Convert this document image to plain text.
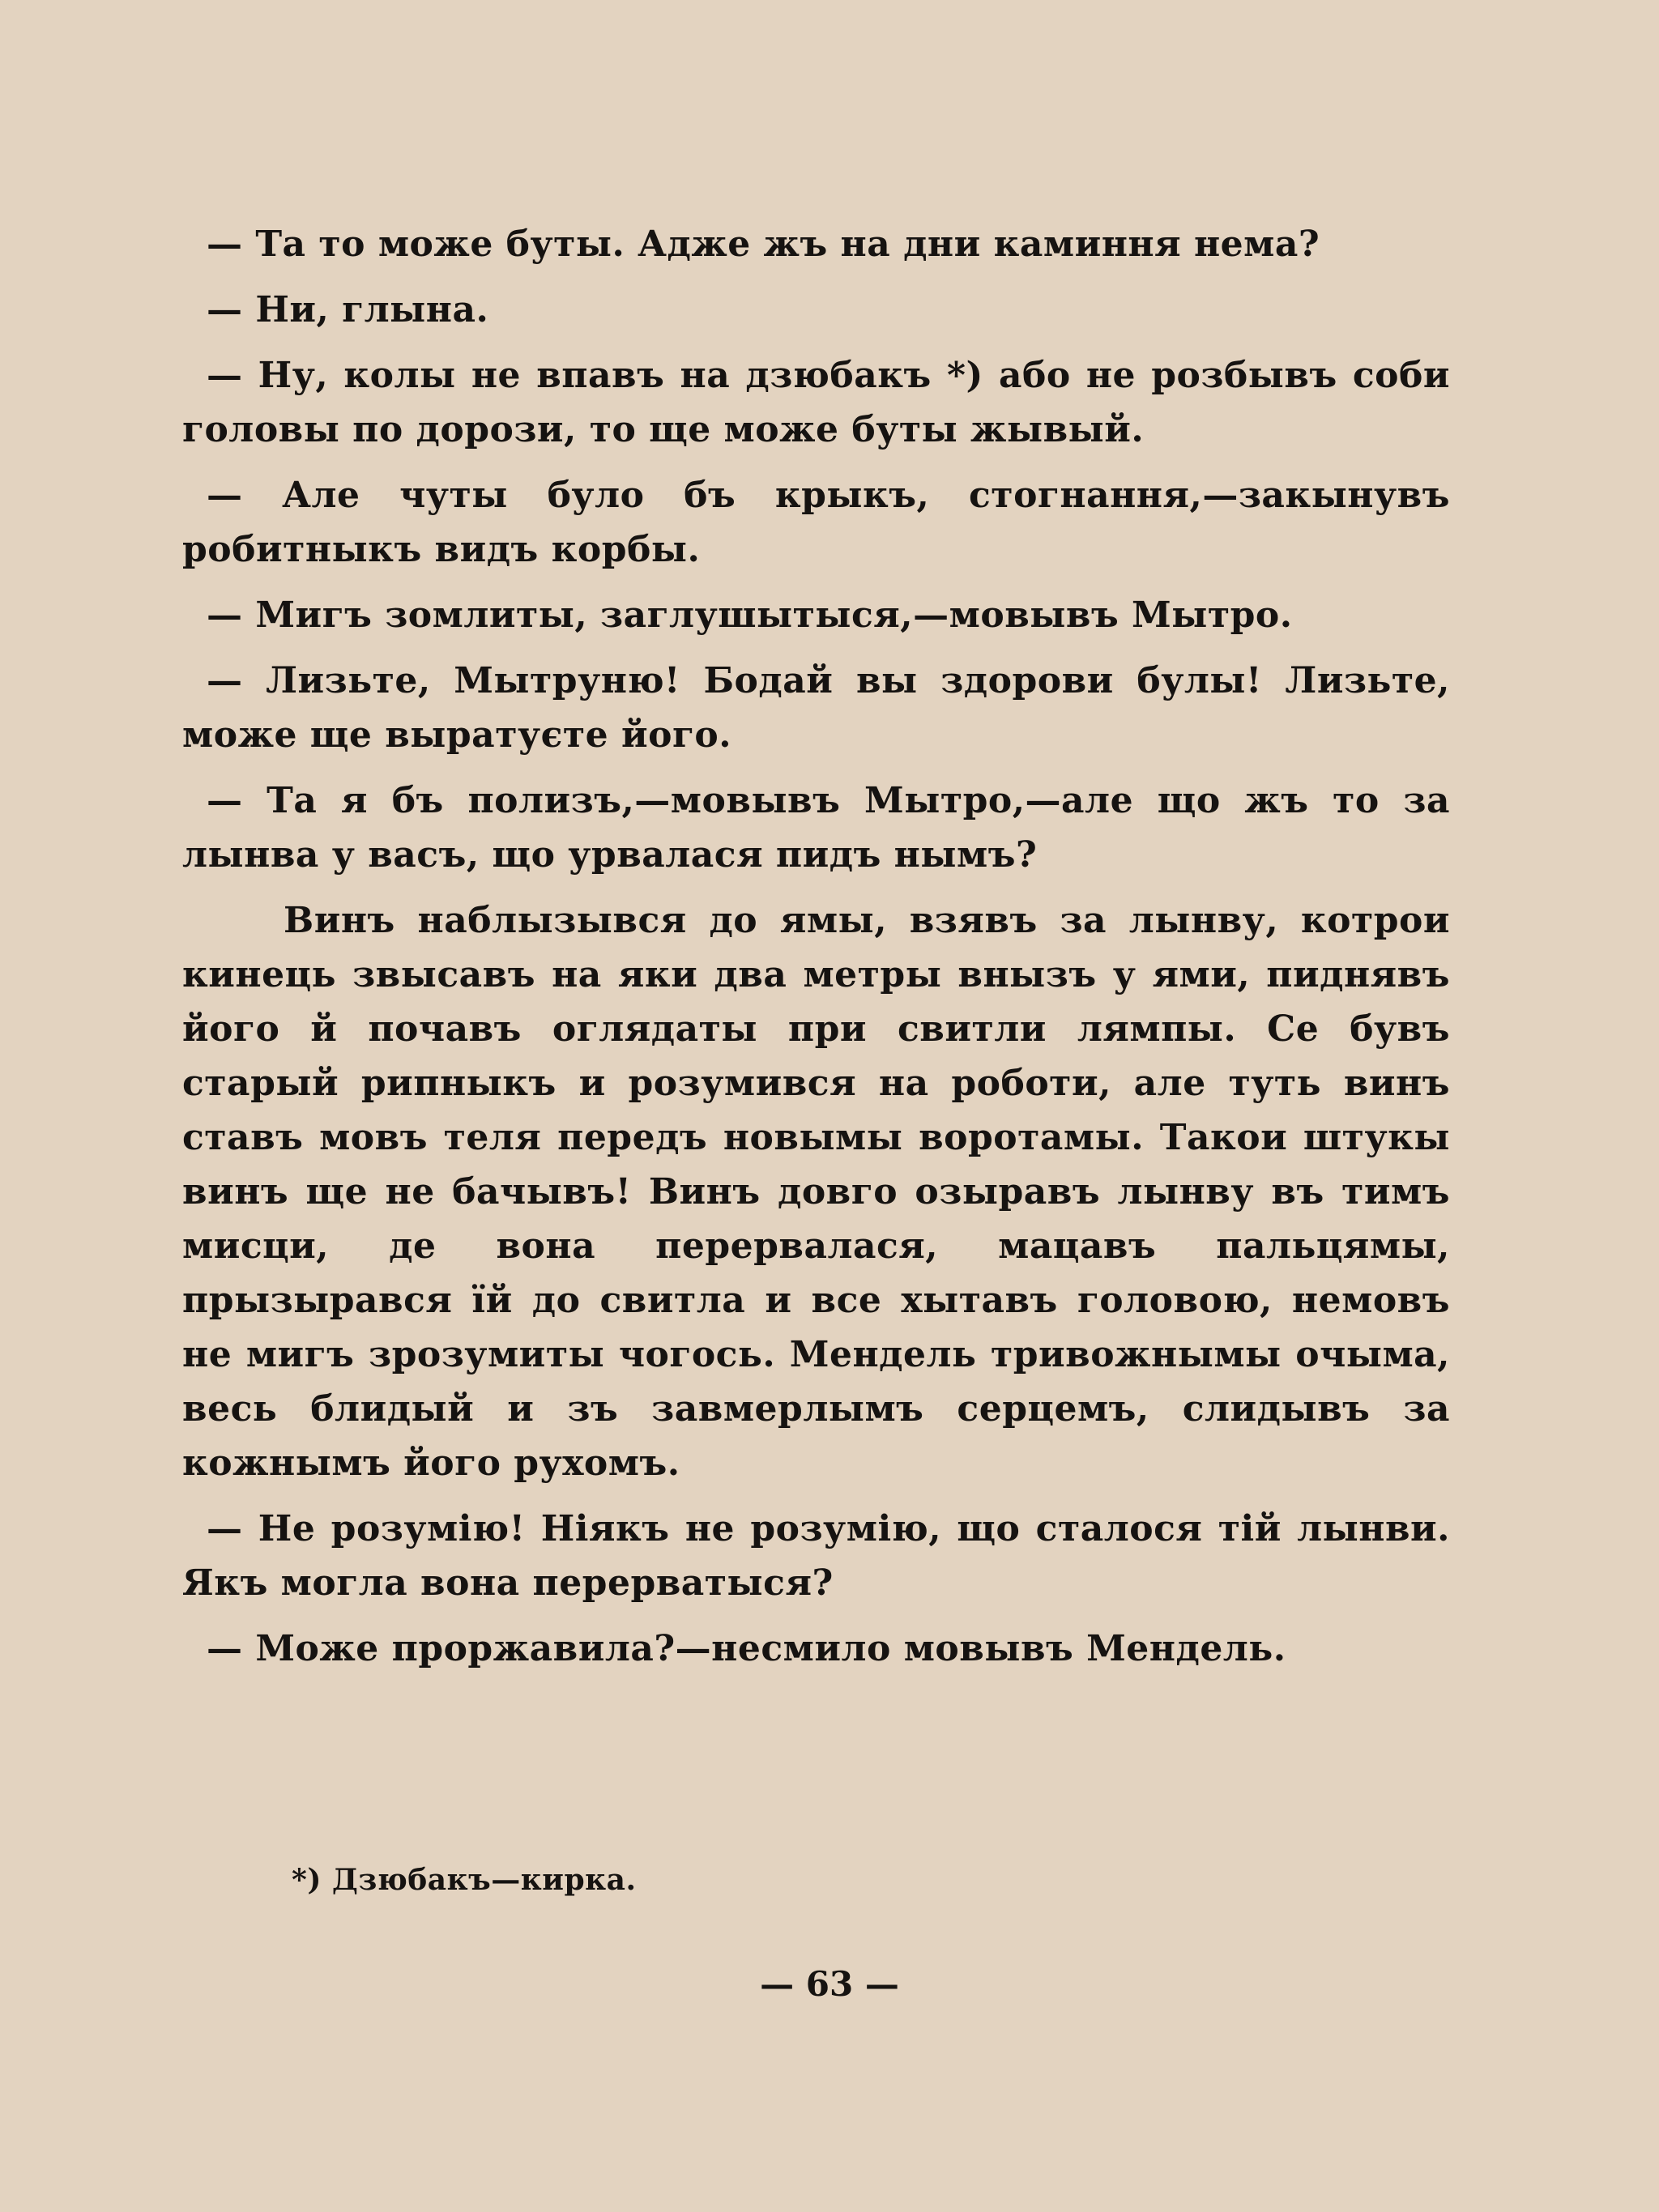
— Та то може буты. Адже жъ на дни каминня нема?

— Ни, глына.

— Ну, колы не впавъ на дзюбакъ *) або не розбывъ соби головы по дорози, то ще може буты жывый.

— Але чуты було бъ крыкъ, стогнання,—закынувъ робитныкъ видъ корбы.

— Мигъ зомлиты, заглушытыся,—мовывъ Мытро.

— Лизьте, Мытруню! Бодай вы здорови булы! Лизьте, може ще выратуєте його.

— Та я бъ полизъ,—мовывъ Мытро,—але що жъ то за лынва у васъ, що урвалася пидъ нымъ?

Винъ наблызывся до ямы, взявъ за лынву, котрои кинець звысавъ на яки два метры внызъ у ями, пиднявъ його й почавъ оглядаты при свитли лямпы. Се бувъ старый рипныкъ и розумився на роботи, але туть винъ ставъ мовъ теля передъ новымы воротамы. Такои штукы винъ ще не бачывъ! Винъ довго озыравъ лынву въ тимъ мисци, де вона перервалася, мацавъ пальцямы, прызырався їй до свитла и все хытавъ головою, немовъ не мигъ зрозумиты чогось. Мендель тривожнымы очыма, весь блидый и зъ завмерлымъ серцемъ, слидывъ за кожнымъ його рухомъ.

— Не розумію! Ніякъ не розумію, що сталося тій лынви. Якъ могла вона перерватыся?

— Може проржавила?—несмило мовывъ Мендель.

*) Дзюбакъ—кирка.
— 63 —
